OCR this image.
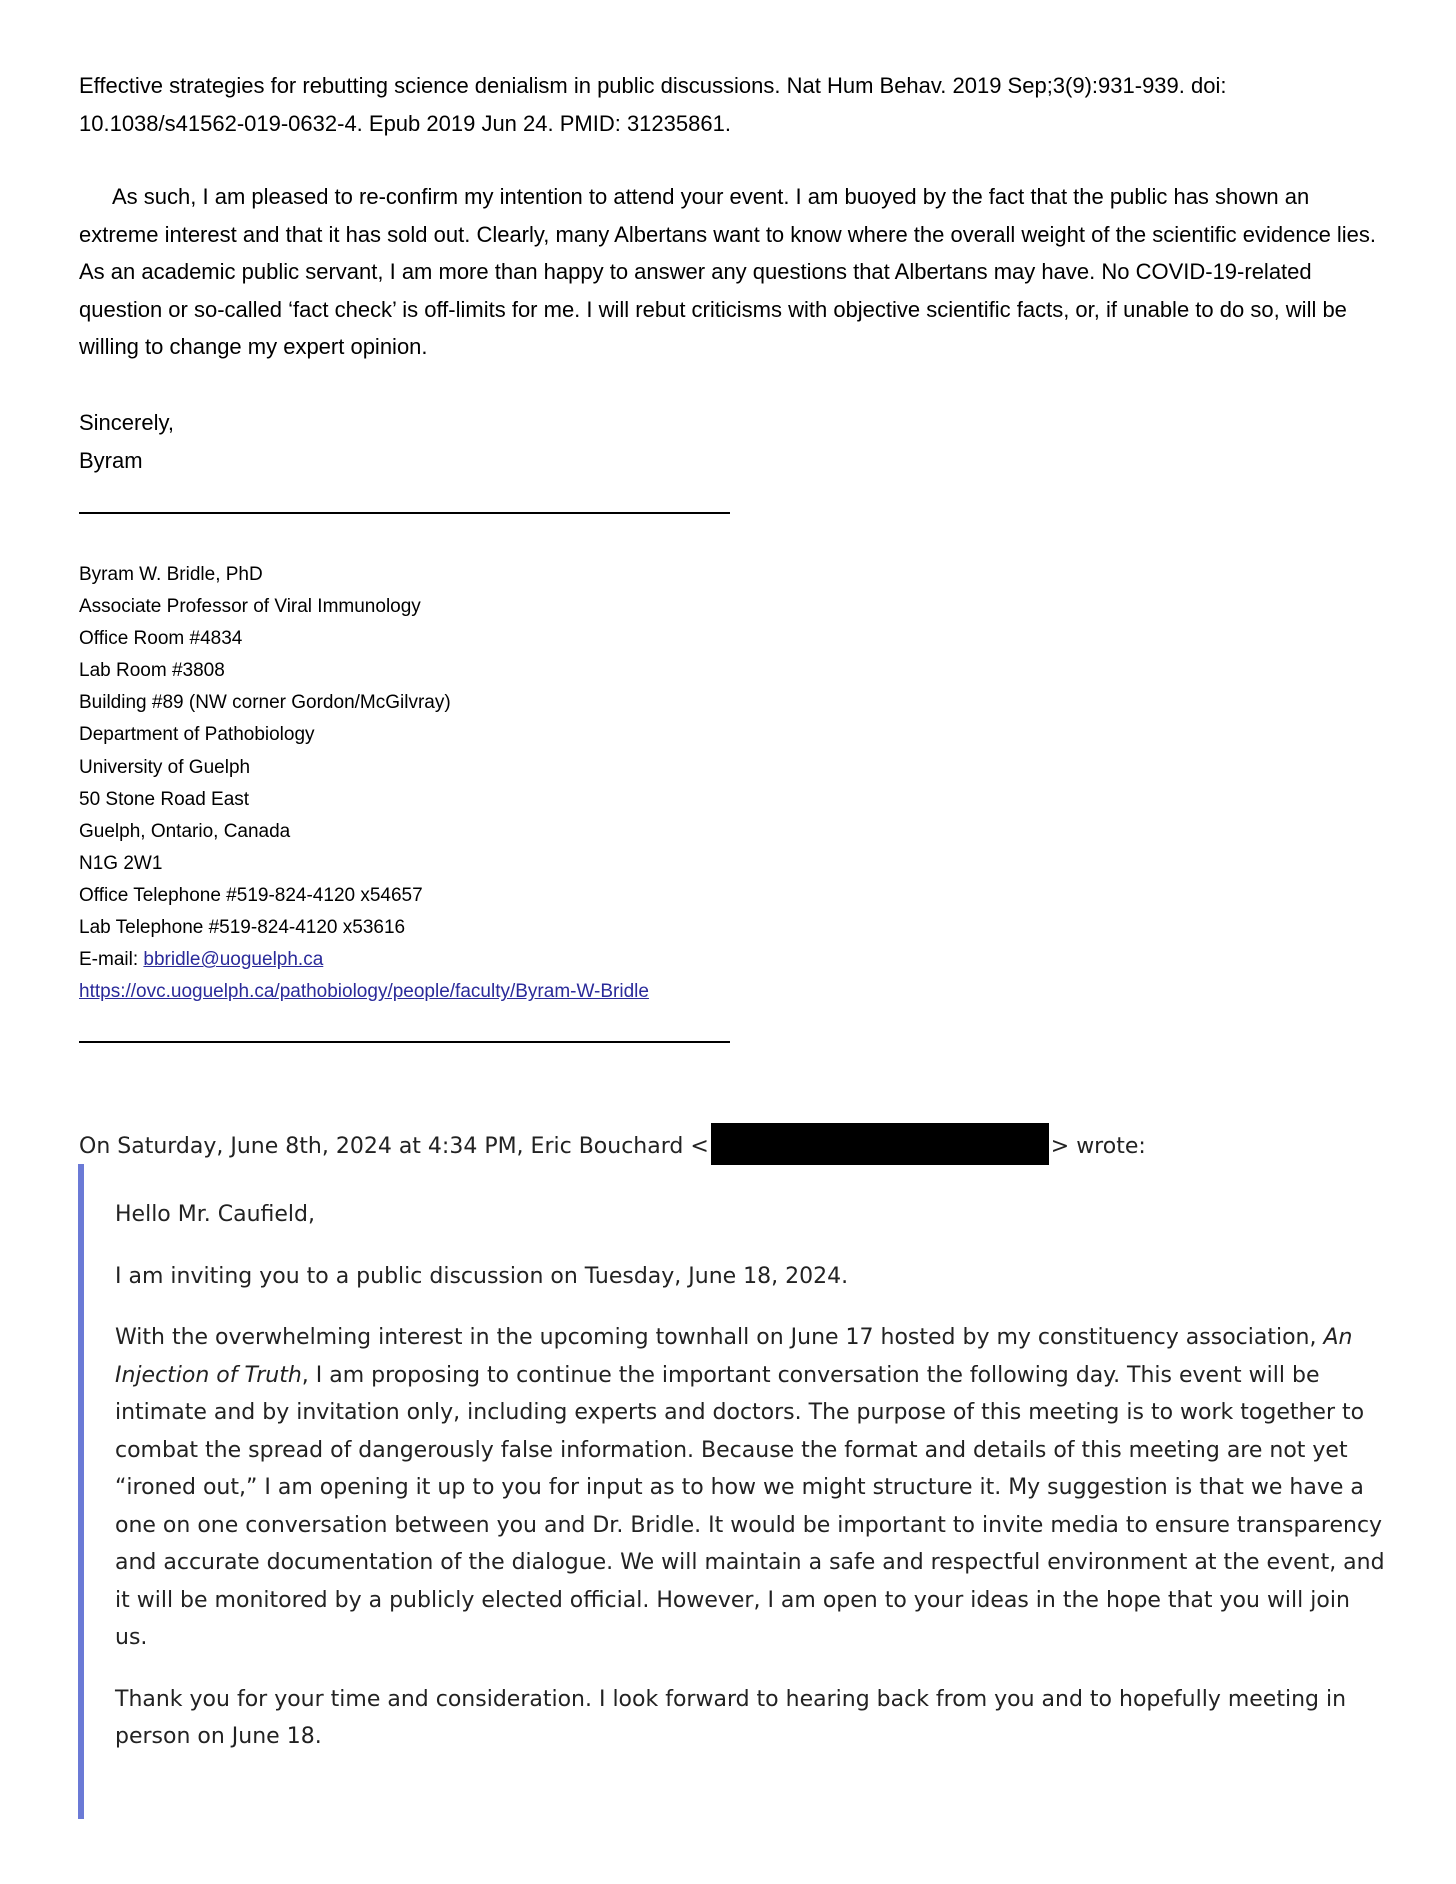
Effective strategies for rebutting science denialism in public discussions. Nat Hum Behav. 2019 Sep;3(9):931-939. doi: 10.1038/s41562-019-0632-4. Epub 2019 Jun 24. PMID: 31235861.

As such, I am pleased to re-confirm my intention to attend your event. I am buoyed by the fact that the public has shown an extreme interest and that it has sold out. Clearly, many Albertans want to know where the overall weight of the scientific evidence lies. As an academic public servant, I am more than happy to answer any questions that Albertans may have. No COVID-19-related question or so-called ‘fact check’ is off-limits for me. I will rebut criticisms with objective scientific facts, or, if unable to do so, will be willing to change my expert opinion.

Sincerely,
Byram
Byram W. Bridle, PhD
Associate Professor of Viral Immunology
Office Room #4834
Lab Room #3808
Building #89 (NW corner Gordon/McGilvray)
Department of Pathobiology
University of Guelph
50 Stone Road East
Guelph, Ontario, Canada
N1G 2W1
Office Telephone #519-824-4120 x54657
Lab Telephone #519-824-4120 x53616
E-mail: bbridle@uoguelph.ca
https://ovc.uoguelph.ca/pathobiology/people/faculty/Byram-W-Bridle
On Saturday, June 8th, 2024 at 4:34 PM, Eric Bouchard <	> wrote:

Hello Mr. Caufield,

I am inviting you to a public discussion on Tuesday, June 18, 2024.

With the overwhelming interest in the upcoming townhall on June 17 hosted by my constituency association, An Injection of Truth, I am proposing to continue the important conversation the following day. This event will be intimate and by invitation only, including experts and doctors. The purpose of this meeting is to work together to combat the spread of dangerously false information. Because the format and details of this meeting are not yet “ironed out,” I am opening it up to you for input as to how we might structure it. My suggestion is that we have a one on one conversation between you and Dr. Bridle. It would be important to invite media to ensure transparency and accurate documentation of the dialogue. We will maintain a safe and respectful environment at the event, and it will be monitored by a publicly elected official. However, I am open to your ideas in the hope that you will join us.

Thank you for your time and consideration. I look forward to hearing back from you and to hopefully meeting in person on June 18.
